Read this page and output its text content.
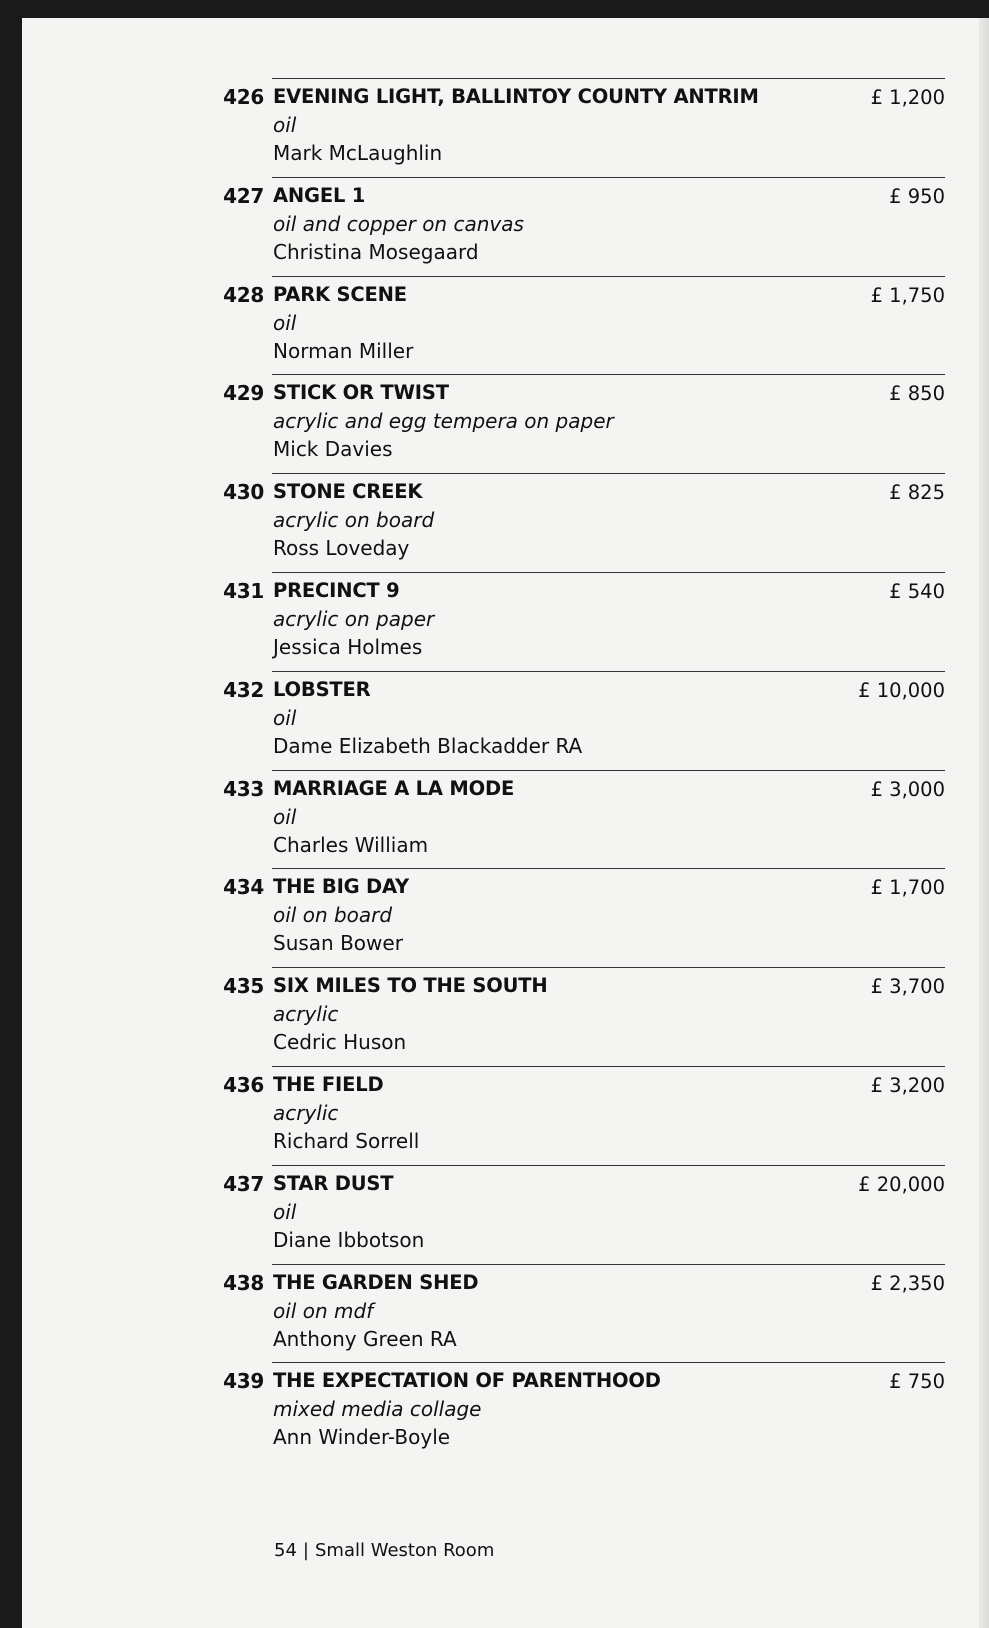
426 EVENING LIGHT, BALLINTOY COUNTY ANTRIM
oil
Mark McLaughlin
£ 1,200
427 ANGEL 1
oil and copper on canvas
Christina Mosegaard
£ 950
428 PARK SCENE
oil
Norman Miller
£ 1,750
429 STICK OR TWIST
acrylic and egg tempera on paper
Mick Davies
£ 850
430 STONE CREEK
acrylic on board
Ross Loveday
£ 825
431 PRECINCT 9
acrylic on paper
Jessica Holmes
£ 540
432 LOBSTER
oil
Dame Elizabeth Blackadder RA
£ 10,000
433 MARRIAGE A LA MODE
oil
Charles William
£ 3,000
434 THE BIG DAY
oil on board
Susan Bower
£ 1,700
435 SIX MILES TO THE SOUTH
acrylic
Cedric Huson
£ 3,700
436 THE FIELD
acrylic
Richard Sorrell
£ 3,200
437 STAR DUST
oil
Diane Ibbotson
£ 20,000
438 THE GARDEN SHED
oil on mdf
Anthony Green RA
£ 2,350
439 THE EXPECTATION OF PARENTHOOD
mixed media collage
Ann Winder-Boyle
£ 750
54 | Small Weston Room
